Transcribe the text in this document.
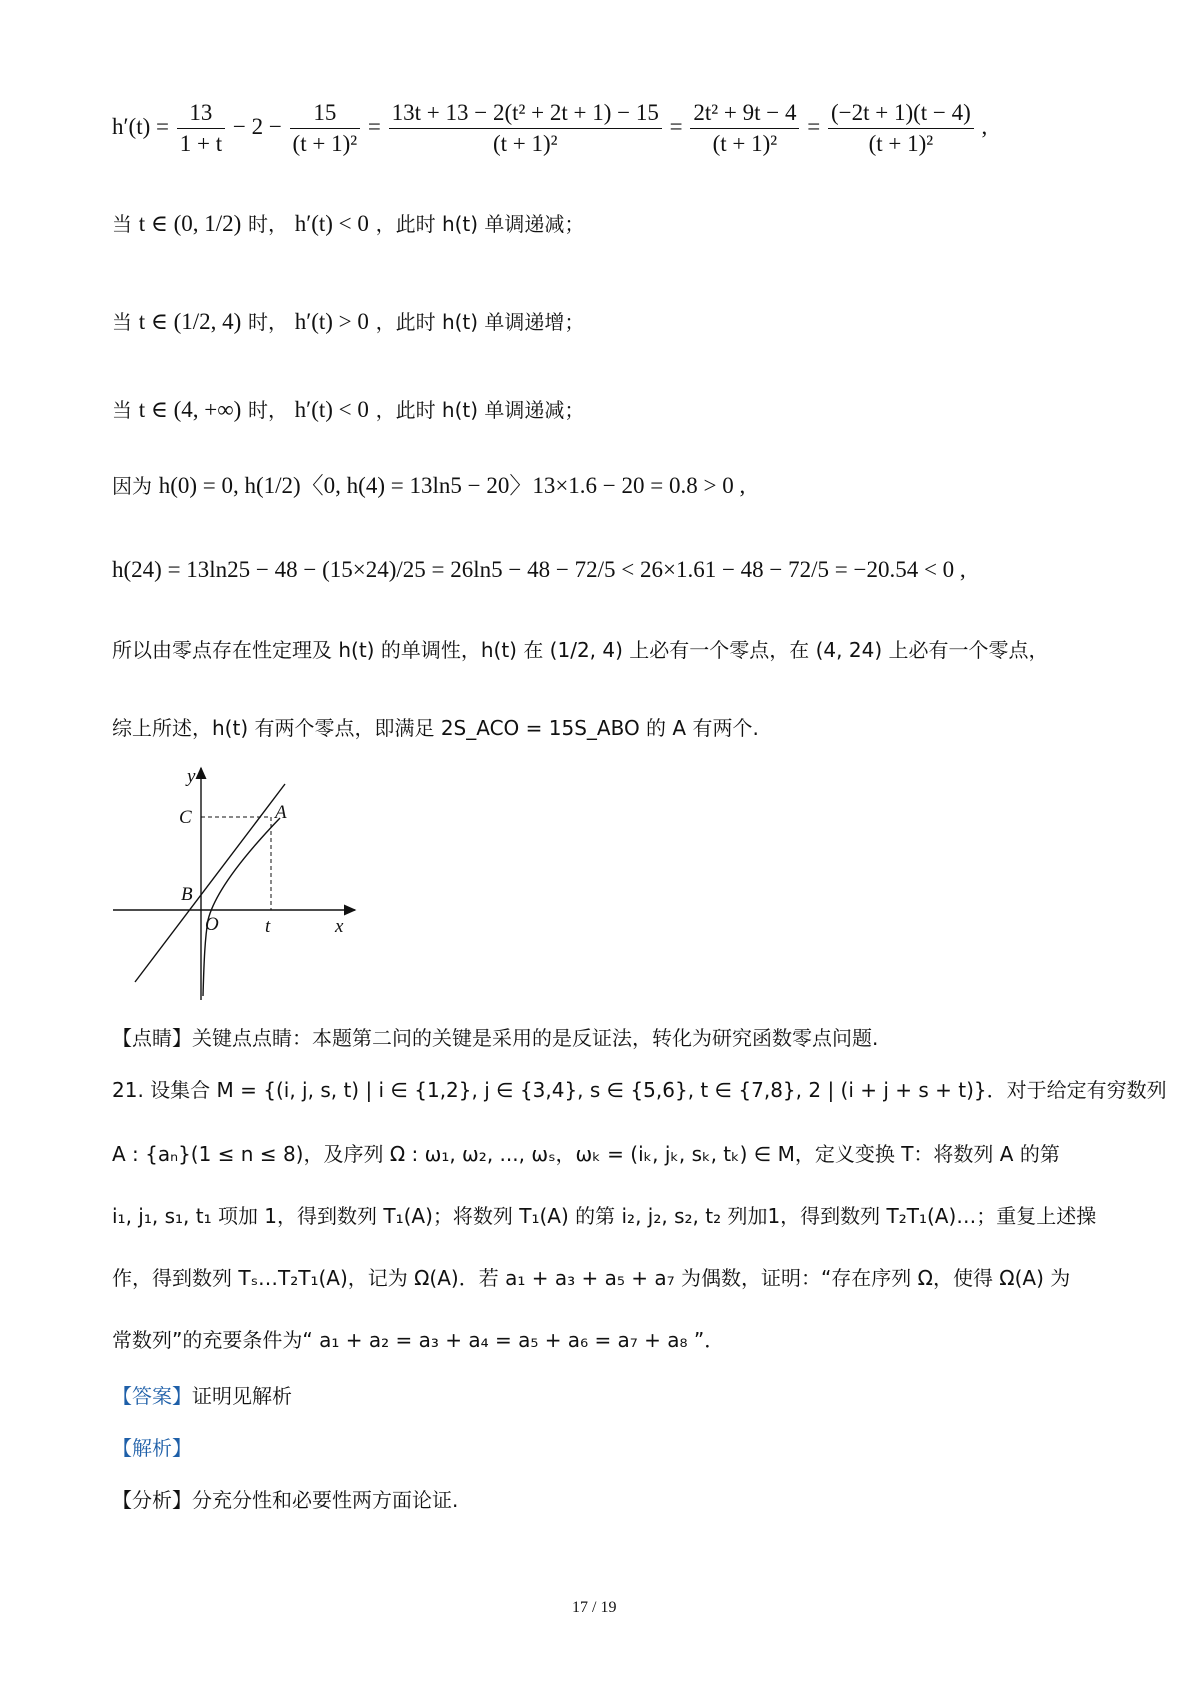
$h'(t) = \frac{13}{1 + t} - 2 - \frac{15}{\text{(t + 1)²}} = \frac{\text{13t + 13 − 2(t² + 2t + 1) − 15}}{\text{(t + 1)²}} = \frac{\text{2t² + 9t − 4}}{\text{(t + 1)²}} = \frac{(-2t + 1)(t - 4)}{\text{(t + 1)²}}$ ,
当 t ∈ (0, 1/2) 时， h′(t) < 0 ，此时 h(t) 单调递减；
当 t ∈ (1/2, 4) 时， h′(t) > 0 ，此时 h(t) 单调递增；
当 t ∈ (4, +∞) 时， h′(t) < 0 ，此时 h(t) 单调递减；
因为 h(0) = 0, h(1/2)〈0, h(4) = 13ln5 − 20〉13×1.6 − 20 = 0.8 > 0 ,
h(24) = 13ln25 − 48 − (15×24)/25 = 26ln5 − 48 − 72/5 < 26×1.61 − 48 − 72/5 = −20.54 < 0 ,
所以由零点存在性定理及 h(t) 的单调性，h(t) 在 (1/2, 4) 上必有一个零点，在 (4, 24) 上必有一个零点，
综上所述，h(t) 有两个零点，即满足 2S_ACO = 15S_ABO 的 A 有两个.
y
C	A
B
O t	x
【点睛】关键点点睛：本题第二问的关键是采用的是反证法，转化为研究函数零点问题.
21. 设集合 M = {(i, j, s, t) | i ∈ {1,2}, j ∈ {3,4}, s ∈ {5,6}, t ∈ {7,8}, 2 | (i + j + s + t)}．对于给定有穷数列
A : {aₙ}(1 ≤ n ≤ 8)，及序列 Ω : ω₁, ω₂, ..., ωₛ，ωₖ = (iₖ, jₖ, sₖ, tₖ) ∈ M，定义变换 T：将数列 A 的第
i₁, j₁, s₁, t₁ 项加 1，得到数列 T₁(A)；将数列 T₁(A) 的第 i₂, j₂, s₂, t₂ 列加1，得到数列 T₂T₁(A)…；重复上述操
作，得到数列 Tₛ…T₂T₁(A)，记为 Ω(A)．若 a₁ + a₃ + a₅ + a₇ 为偶数，证明：“存在序列 Ω，使得 Ω(A) 为
常数列”的充要条件为“ a₁ + a₂ = a₃ + a₄ = a₅ + a₆ = a₇ + a₈ ”．
【答案】证明见解析
【解析】
【分析】分充分性和必要性两方面论证.
17 / 19
